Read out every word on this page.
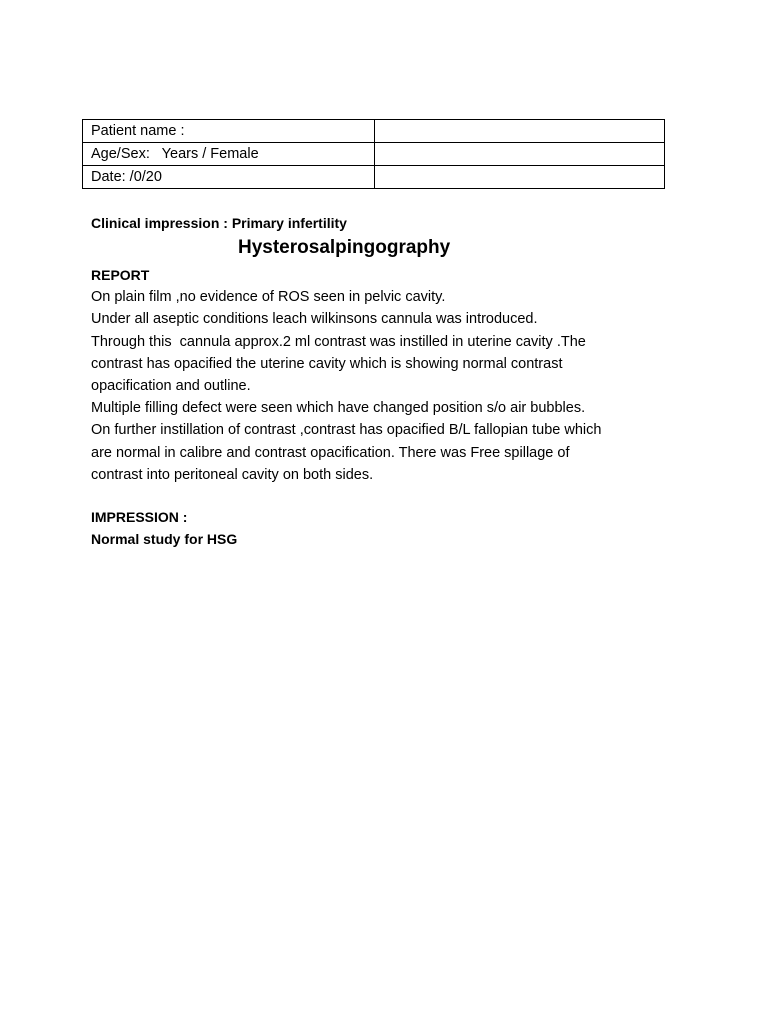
Patient name :	
Age/Sex:   Years / Female	
Date: /0/20	
Clinical impression : Primary infertility
Hysterosalpingography
REPORT
On plain film ,no evidence of ROS seen in pelvic cavity.
Under all aseptic conditions leach wilkinsons cannula was introduced.
Through this  cannula approx.2 ml contrast was instilled in uterine cavity .The
contrast has opacified the uterine cavity which is showing normal contrast
opacification and outline.
Multiple filling defect were seen which have changed position s/o air bubbles.
On further instillation of contrast ,contrast has opacified B/L fallopian tube which
are normal in calibre and contrast opacification. There was Free spillage of
contrast into peritoneal cavity on both sides.
IMPRESSION :
Normal study for HSG
